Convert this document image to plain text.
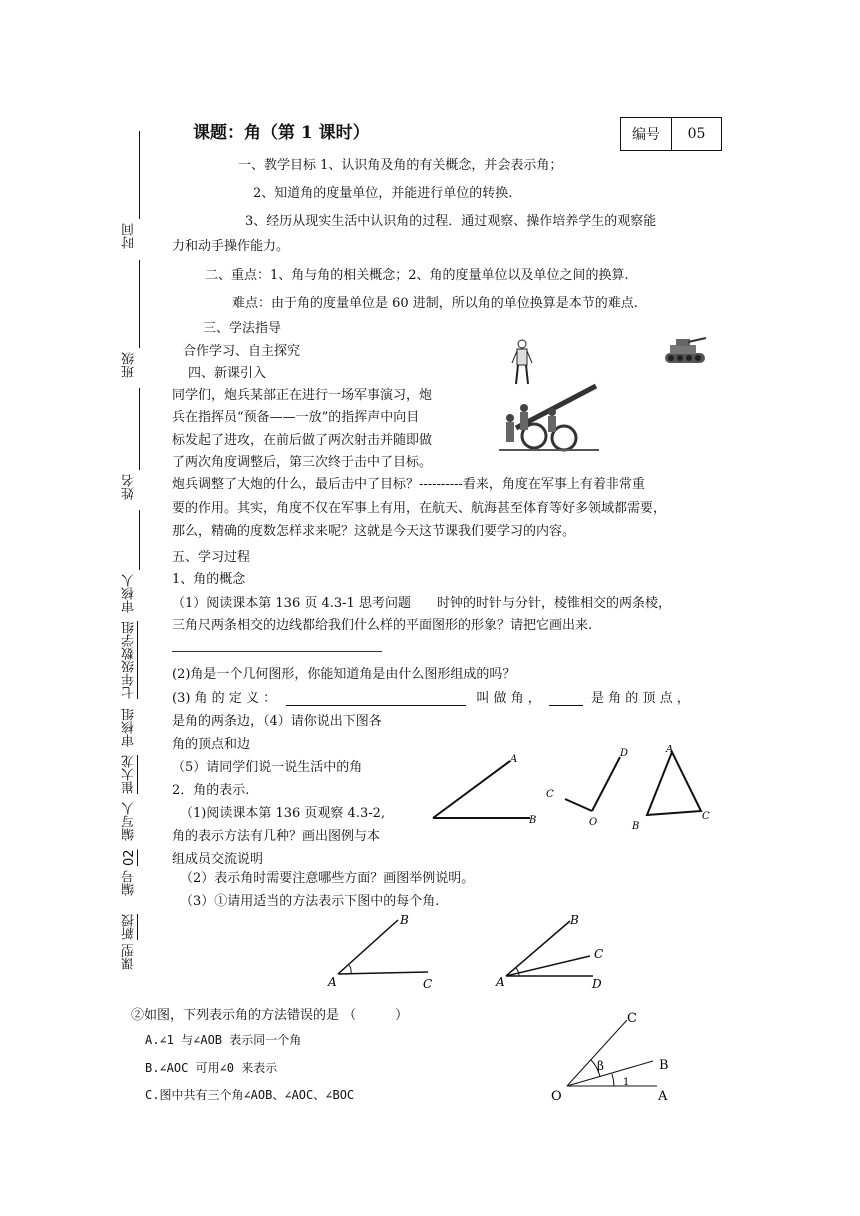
课题：角（第 1 课时）	编号	05
课型 新授 编号 02 编写人 崔大龙 审核组 七年级数学组 审核人  姓名  班级  时间
一、教学目标 1、认识角及角的有关概念，并会表示角；
2、知道角的度量单位，并能进行单位的转换.
3、经历从现实生活中认识角的过程．通过观察、操作培养学生的观察能
力和动手操作能力。
二、重点：1、角与角的相关概念；2、角的度量单位以及单位之间的换算.
难点：由于角的度量单位是 60 进制，所以角的单位换算是本节的难点.
三、学法指导
合作学习、自主探究
四、新课引入
同学们，炮兵某部正在进行一场军事演习，炮
兵在指挥员“预备——一放”的指挥声中向目
标发起了进攻，在前后做了两次射击并随即做
了两次角度调整后，第三次终于击中了目标。
炮兵调整了大炮的什么，最后击中了目标？----------看来，角度在军事上有着非常重
要的作用。其实，角度不仅在军事上有用，在航天、航海甚至体育等好多领域都需要，
那么，精确的度数怎样求来呢？这就是今天这节课我们要学习的内容。
五、学习过程
1、角的概念
（1）阅读课本第 136 页 4.3-1 思考问题　　时钟的时针与分针，棱锥相交的两条棱，
三角尺两条相交的边线都给我们什么样的平面图形的形象？请把它画出来.
(2)角是一个几何图形，你能知道角是由什么图形组成的吗？
(3) 角 的 定 义 ：	叫 做 角 ，	是 角 的 顶 点 ，
是角的两条边，（4）请你说出下图各
角的顶点和边
（5）请同学们说一说生活中的角
2．角的表示.
（1)阅读课本第 136 页观察 4.3-2,
角的表示方法有几种？画出图例与本
组成员交流说明
（2）表示角时需要注意哪些方面？画图举例说明。
（3）①请用适当的方法表示下图中的每个角.
A
B
C
O
D	A
B
C
B
A	C
B
C
A	D
②如图，下列表示角的方法错误的是 （　　　）
A.∠1 与∠AOB 表示同一个角
B.∠AOC 可用∠0 来表示
C.图中共有三个角∠AOB、∠AOC、∠BOC
C
B
O	A
β
1
